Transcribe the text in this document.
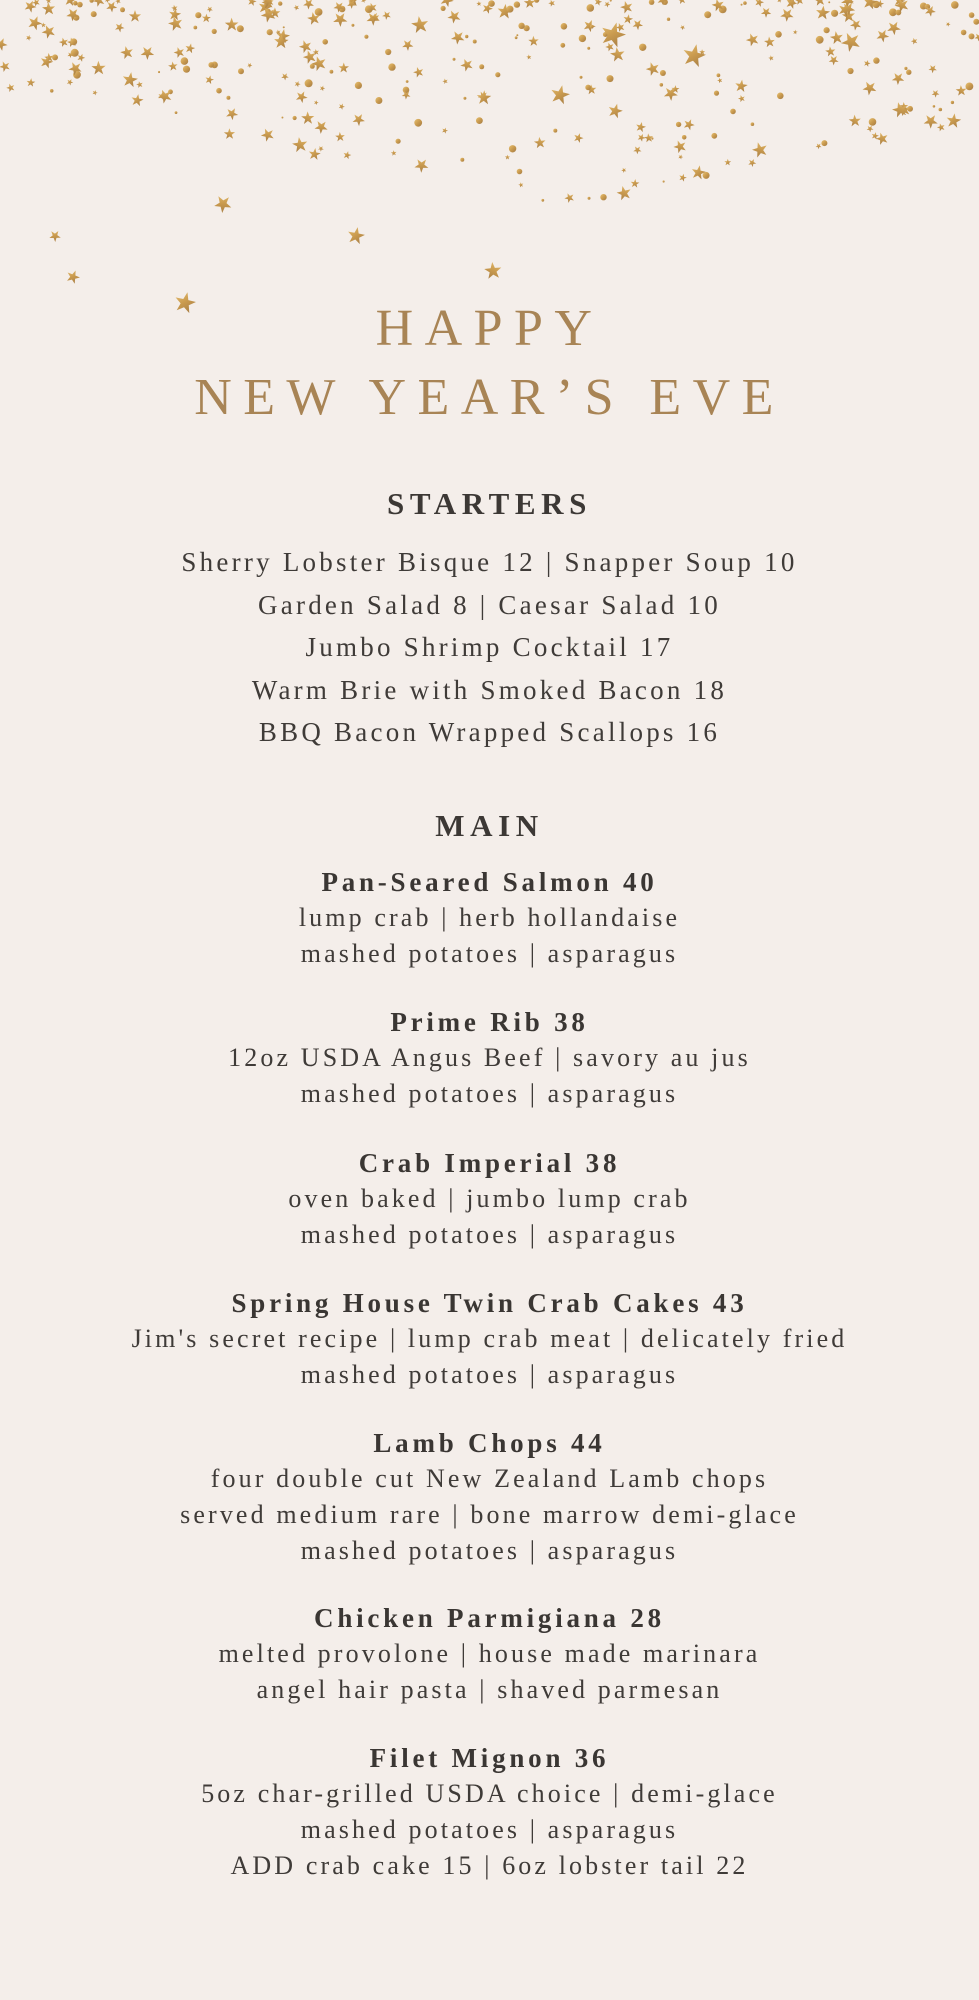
HAPPY
NEW YEAR’S EVE
STARTERS
Sherry Lobster Bisque 12 | Snapper Soup 10
Garden Salad 8 | Caesar Salad 10
Jumbo Shrimp Cocktail 17
Warm Brie with Smoked Bacon 18
BBQ Bacon Wrapped Scallops 16
MAIN
Pan-Seared Salmon 40
lump crab | herb hollandaise
mashed potatoes | asparagus
Prime Rib 38
12oz USDA Angus Beef | savory au jus
mashed potatoes | asparagus
Crab Imperial 38
oven baked | jumbo lump crab
mashed potatoes | asparagus
Spring House Twin Crab Cakes 43
Jim's secret recipe | lump crab meat | delicately fried
mashed potatoes | asparagus
Lamb Chops 44
four double cut New Zealand Lamb chops
served medium rare | bone marrow demi-glace
mashed potatoes | asparagus
Chicken Parmigiana 28
melted provolone | house made marinara
angel hair pasta | shaved parmesan
Filet Mignon 36
5oz char-grilled USDA choice | demi-glace
mashed potatoes | asparagus
ADD crab cake 15 | 6oz lobster tail 22
